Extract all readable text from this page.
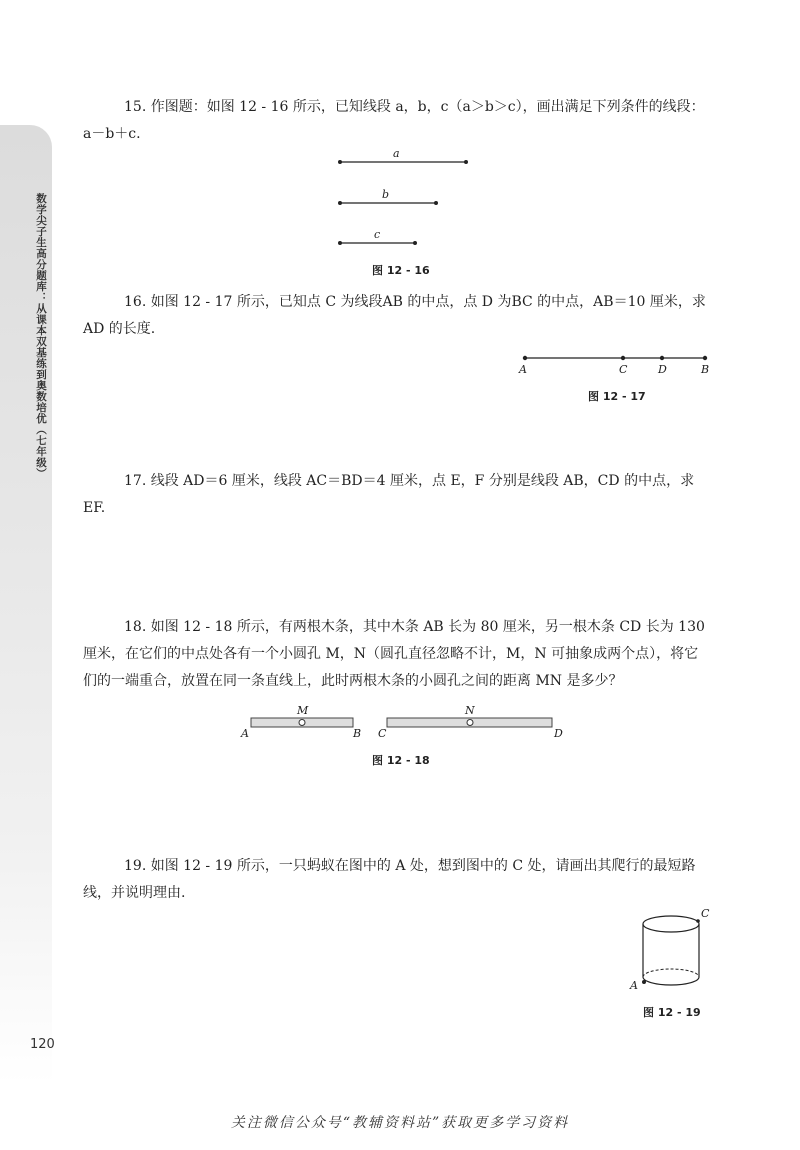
数学尖子生高分题库：从课本双基练到奥数培优（七年级）
120

15. 作图题：如图 12 - 16 所示，已知线段 a，b，c（a＞b＞c），画出满足下列条件的线段：a－b＋c.

a
b
c
图 12 - 16

16. 如图 12 - 17 所示，已知点 C 为线段AB 的中点，点 D 为BC 的中点，AB＝10 厘米，求 AD 的长度.

A	C	D	B
图 12 - 17

17. 线段 AD＝6 厘米，线段 AC＝BD＝4 厘米，点 E，F 分别是线段 AB，CD 的中点，求 EF.

18. 如图 12 - 18 所示，有两根木条，其中木条 AB 长为 80 厘米，另一根木条 CD 长为 130 厘米，在它们的中点处各有一个小圆孔 M，N（圆孔直径忽略不计，M，N 可抽象成两个点），将它们的一端重合，放置在同一条直线上，此时两根木条的小圆孔之间的距离 MN 是多少？

M	N
A	B C	D
图 12 - 18

19. 如图 12 - 19 所示，一只蚂蚁在图中的 A 处，想到图中的 C 处，请画出其爬行的最短路线，并说明理由.

C
A
图 12 - 19
关注微信公众号“教辅资料站”获取更多学习资料
